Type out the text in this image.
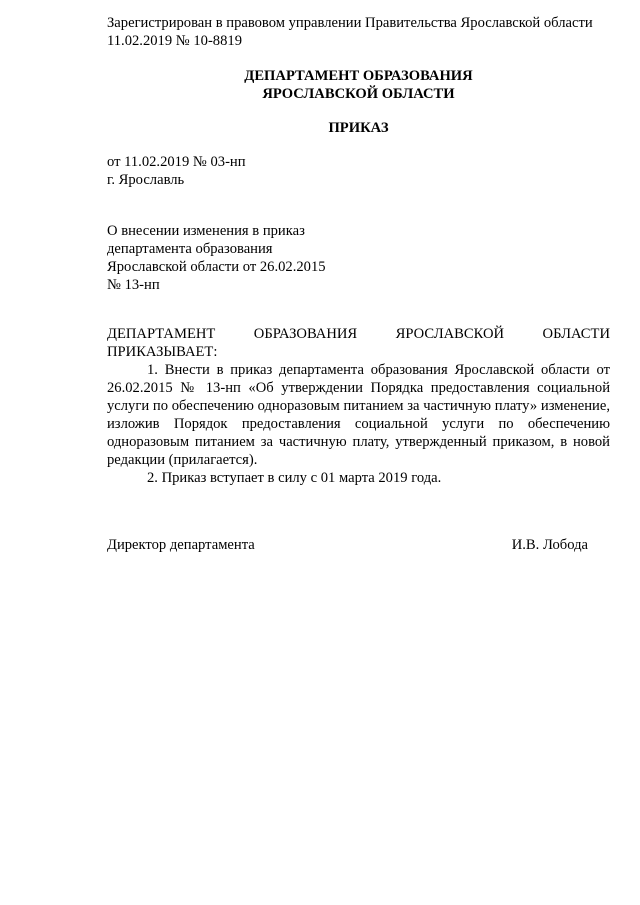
Зарегистрирован в правовом управлении Правительства Ярославской области
11.02.2019 № 10-8819
ДЕПАРТАМЕНТ ОБРАЗОВАНИЯ
ЯРОСЛАВСКОЙ ОБЛАСТИ
ПРИКАЗ
от 11.02.2019 № 03-нп
г. Ярославль
О внесении изменения в приказ
департамента образования
Ярославской области от 26.02.2015
№ 13-нп
ДЕПАРТАМЕНТ ОБРАЗОВАНИЯ ЯРОСЛАВСКОЙ ОБЛАСТИ
ПРИКАЗЫВАЕТ:

1. Внести в приказ департамента образования Ярославской области от 26.02.2015 № 13-нп «Об утверждении Порядка предоставления социальной услуги по обеспечению одноразовым питанием за частичную плату» изменение, изложив Порядок предоставления социальной услуги по обеспечению одноразовым питанием за частичную плату, утвержденный приказом, в новой редакции (прилагается).

2. Приказ вступает в силу с 01 марта 2019 года.

Директор департамента	И.В. Лобода
